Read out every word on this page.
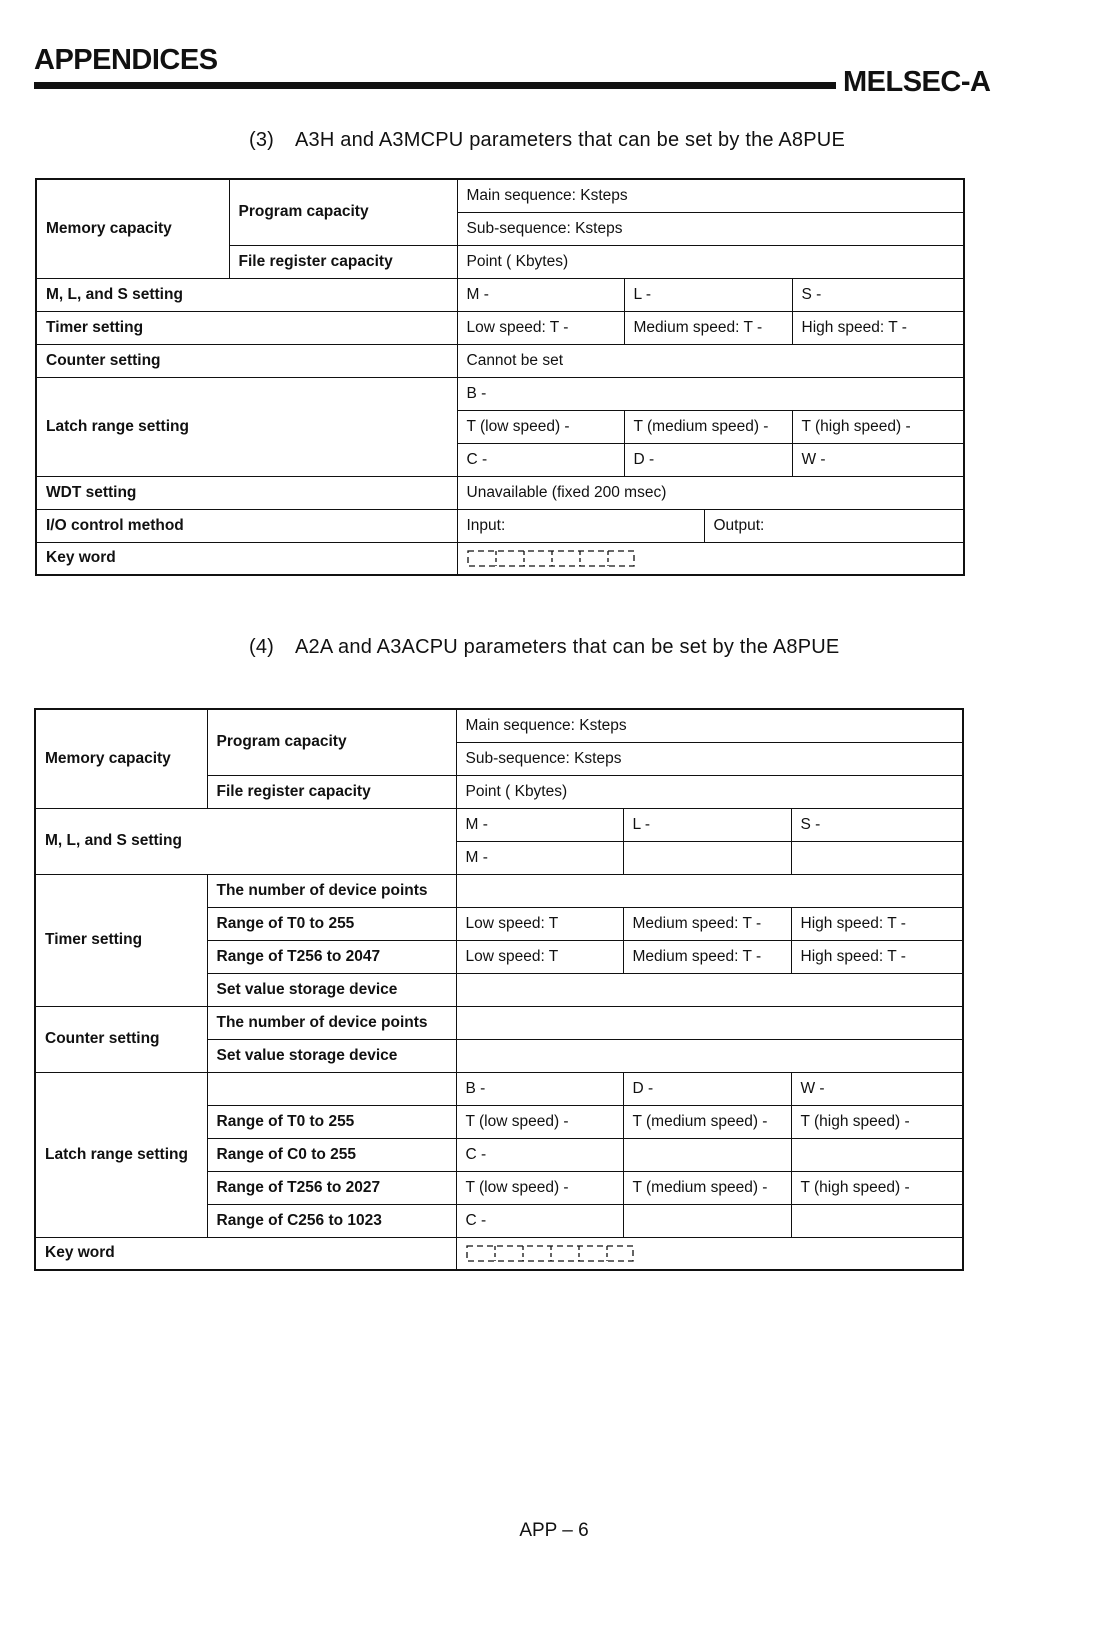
APPENDICES
MELSEC-A
(3) A3H and A3MCPU parameters that can be set by the A8PUE
Memory capacity	Program capacity	Main sequence: Ksteps			
		Sub-sequence: Ksteps			
	File register capacity	Point ( Kbytes)			
M, L, and S setting		M -	L -		S -
Timer setting		Low speed: T -	Medium speed: T -		High speed: T -
Counter setting		Cannot be set			
Latch range setting		B -			
		T (low speed) -	T (medium speed) -		T (high speed) -
		C -	D -		W -
WDT setting		Unavailable (fixed 200 msec)			
I/O control method		Input:		Output:	
Key word	
(4) A2A and A3ACPU parameters that can be set by the A8PUE
Memory capacity	Program capacity	Main sequence: Ksteps		
		Sub-sequence: Ksteps		
	File register capacity	Point ( Kbytes)		
M, L, and S setting		M -	L -	S -
		M -		
Timer setting	The number of device points			
	Range of T0 to 255	Low speed: T	Medium speed: T -	High speed: T -
	Range of T256 to 2047	Low speed: T	Medium speed: T -	High speed: T -
	Set value storage device			
Counter setting	The number of device points			
	Set value storage device			
Latch range setting		B -	D -	W -
	Range of T0 to 255	T (low speed) -	T (medium speed) -	T (high speed) -
	Range of C0 to 255	C -		
	Range of T256 to 2027	T (low speed) -	T (medium speed) -	T (high speed) -
	Range of C256 to 1023	C -		
Key word	
APP – 6
